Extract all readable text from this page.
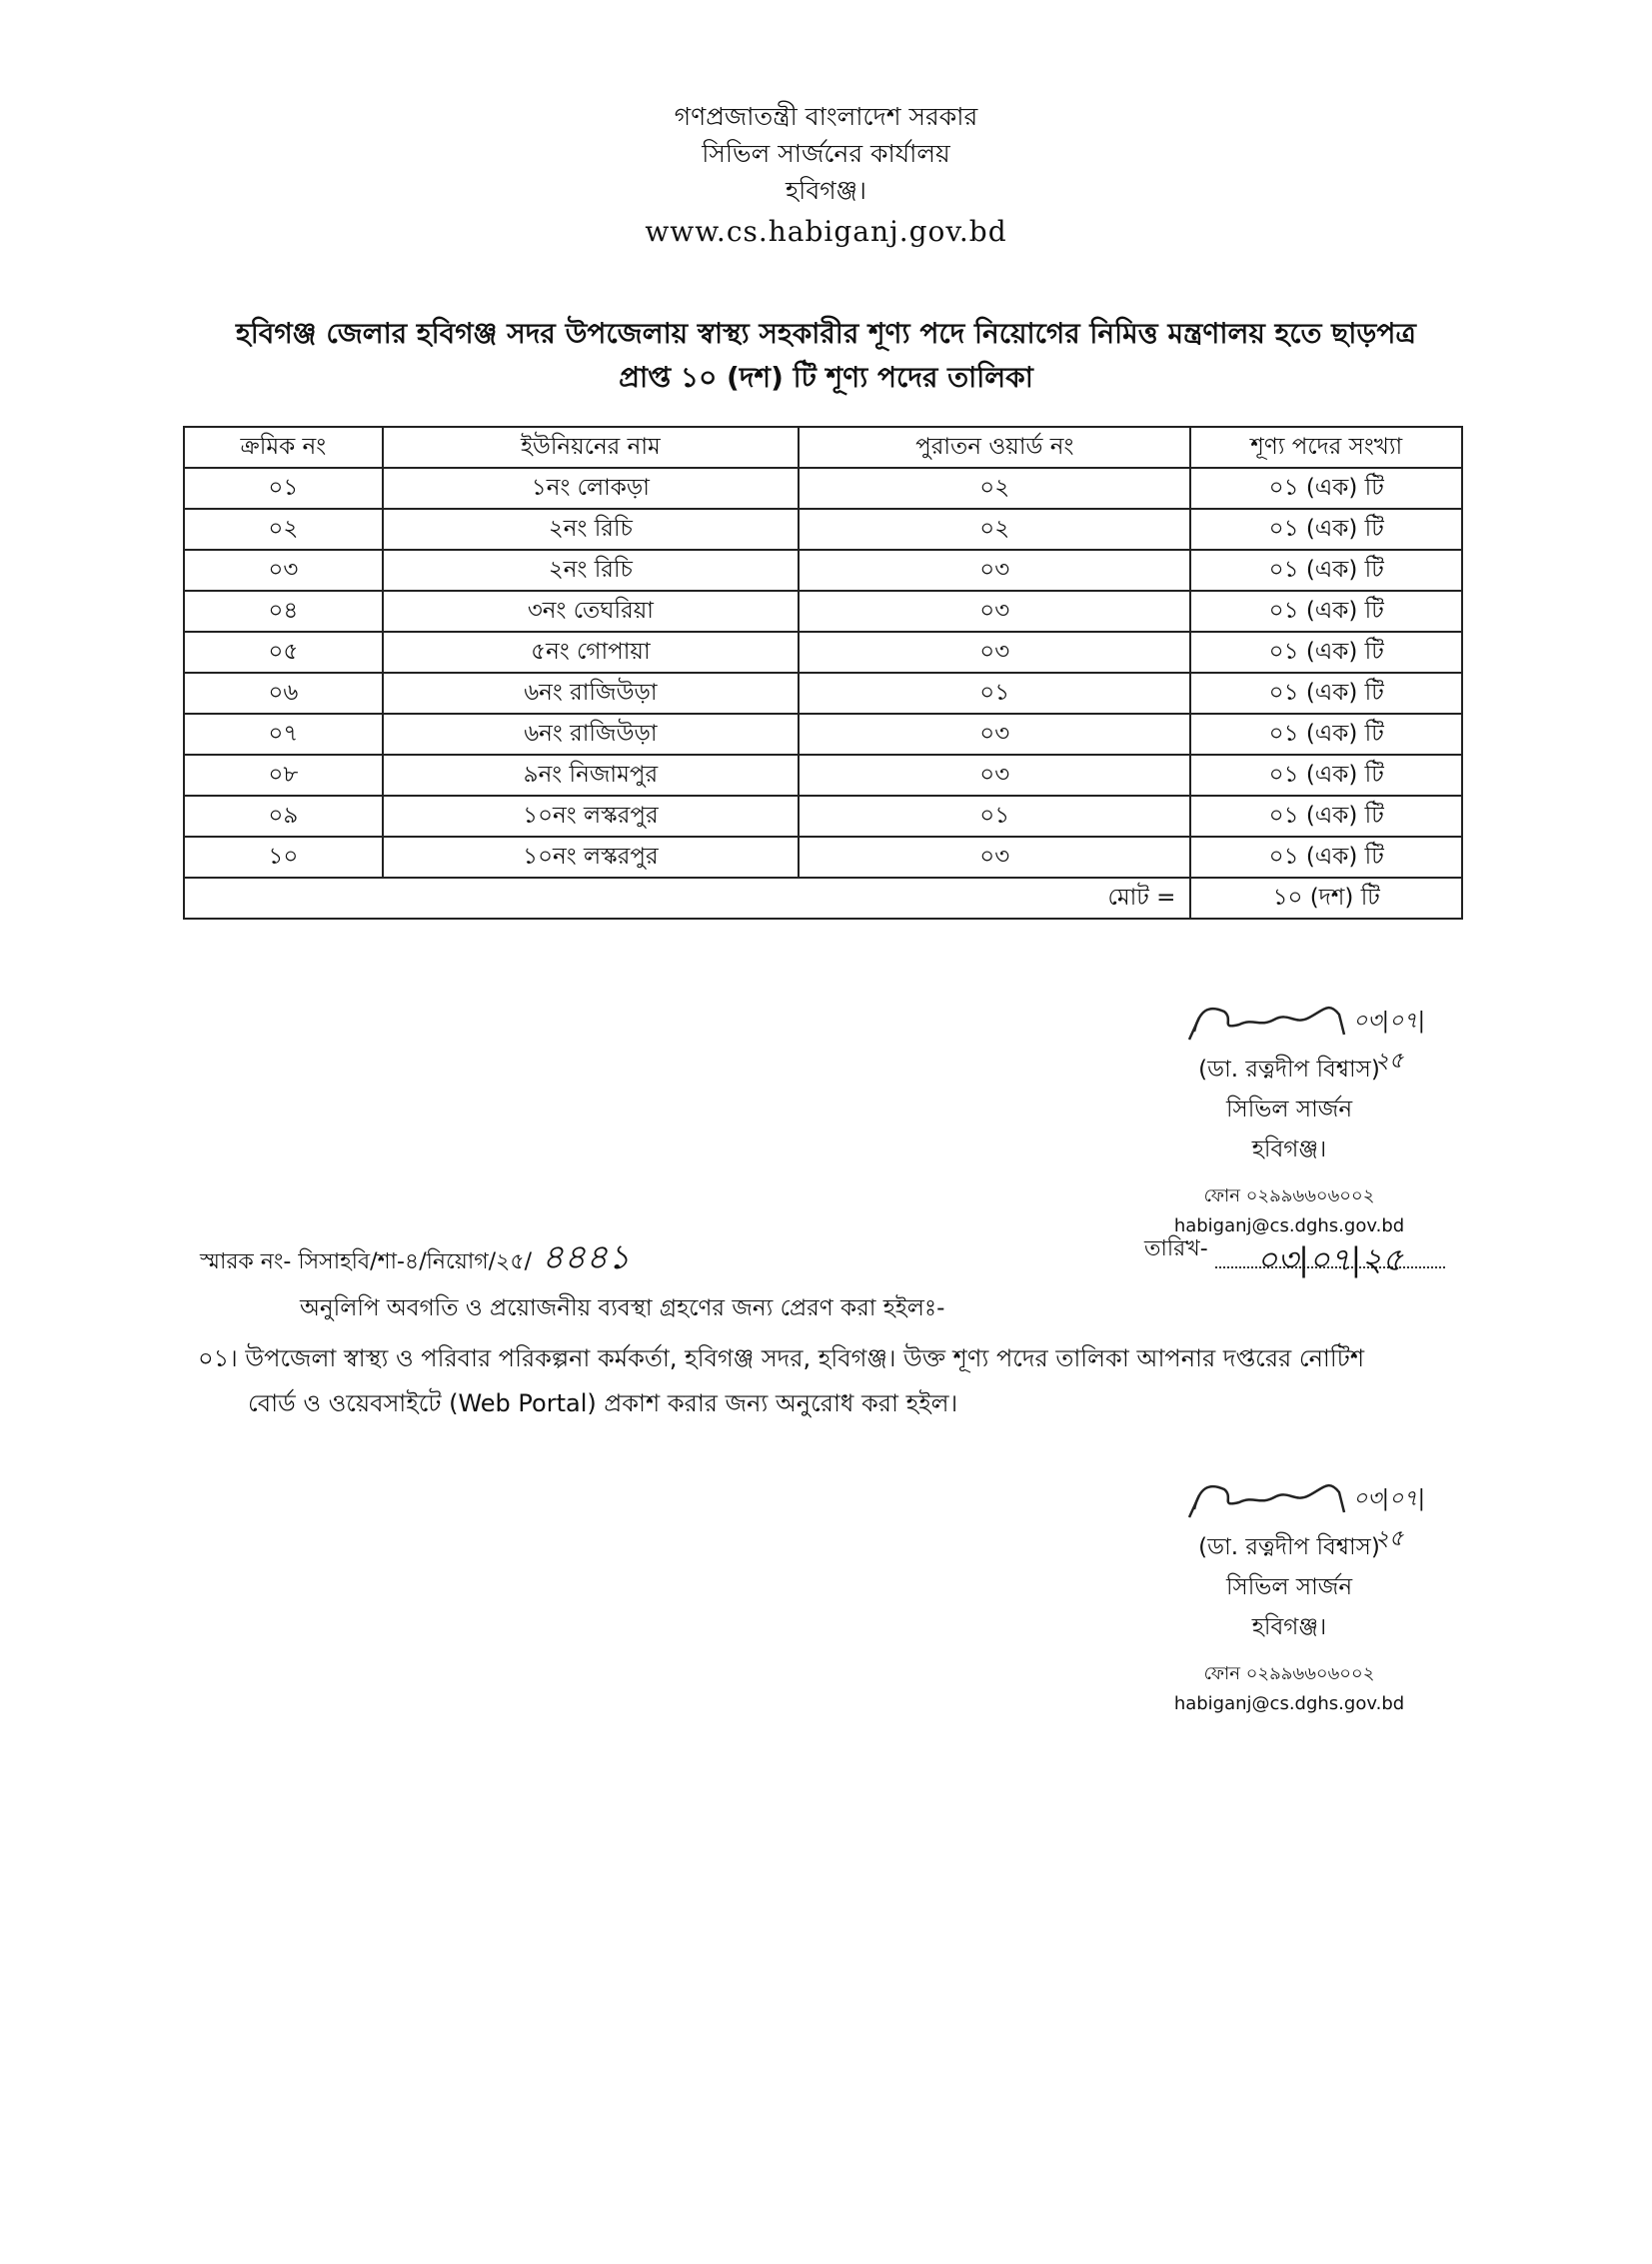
গণপ্রজাতন্ত্রী বাংলাদেশ সরকার
সিভিল সার্জনের কার্যালয়
হবিগঞ্জ।
www.cs.habiganj.gov.bd
হবিগঞ্জ জেলার হবিগঞ্জ সদর উপজেলায় স্বাস্থ্য সহকারীর শূণ্য পদে নিয়োগের নিমিত্ত মন্ত্রণালয় হতে ছাড়পত্র
প্রাপ্ত ১০ (দশ) টি শূণ্য পদের তালিকা
ক্রমিক নং	ইউনিয়নের নাম	পুরাতন ওয়ার্ড নং	শূণ্য পদের সংখ্যা
০১	১নং লোকড়া	০২	০১ (এক) টি
০২	২নং রিচি	০২	০১ (এক) টি
০৩	২নং রিচি	০৩	০১ (এক) টি
০৪	৩নং তেঘরিয়া	০৩	০১ (এক) টি
০৫	৫নং গোপায়া	০৩	০১ (এক) টি
০৬	৬নং রাজিউড়া	০১	০১ (এক) টি
০৭	৬নং রাজিউড়া	০৩	০১ (এক) টি
০৮	৯নং নিজামপুর	০৩	০১ (এক) টি
০৯	১০নং লস্করপুর	০১	০১ (এক) টি
১০	১০নং লস্করপুর	০৩	০১ (এক) টি
মোট =			১০ (দশ) টি
০৩|০৭|২৫
(ডা. রত্নদীপ বিশ্বাস)
সিভিল সার্জন
হবিগঞ্জ।
ফোন ০২৯৯৬৬০৬০০২
habiganj@cs.dghs.gov.bd
স্মারক নং- সিসাহবি/শা-৪/নিয়োগ/২৫/ ৪৪৪১	তারিখ- ০৩|০৭|২৫
অনুলিপি অবগতি ও প্রয়োজনীয় ব্যবস্থা গ্রহণের জন্য প্রেরণ করা হইলঃ-
০১। উপজেলা স্বাস্থ্য ও পরিবার পরিকল্পনা কর্মকর্তা, হবিগঞ্জ সদর, হবিগঞ্জ। উক্ত শূণ্য পদের তালিকা আপনার দপ্তরের নোটিশ
বোর্ড ও ওয়েবসাইটে (Web Portal) প্রকাশ করার জন্য অনুরোধ করা হইল।
০৩|০৭|২৫
(ডা. রত্নদীপ বিশ্বাস)
সিভিল সার্জন
হবিগঞ্জ।
ফোন ০২৯৯৬৬০৬০০২
habiganj@cs.dghs.gov.bd
